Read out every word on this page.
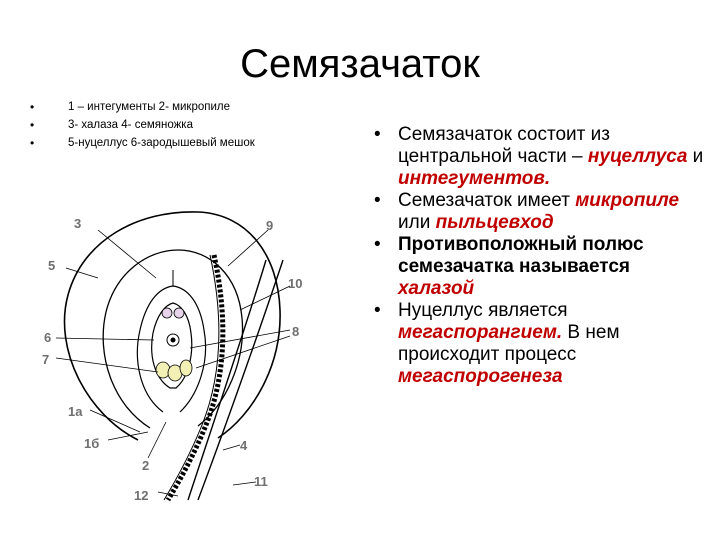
Семязачаток
• 1 – интегументы 2- микропиле
• 3- халаза 4- семяножка
• 5-нуцеллус 6-зародышевый мешок
3	9
5
10
6	8
7
1а
1б	4
2
11
12
• Семязачаток состоит из центральной части – нуцеллуса и интегументов.
• Семезачаток имеет микропиле или пыльцевход
• Противоположный полюс семезачатка называется халазой
• Нуцеллус является мегаспорангием. В нем происходит процесс мегаспорогенеза
